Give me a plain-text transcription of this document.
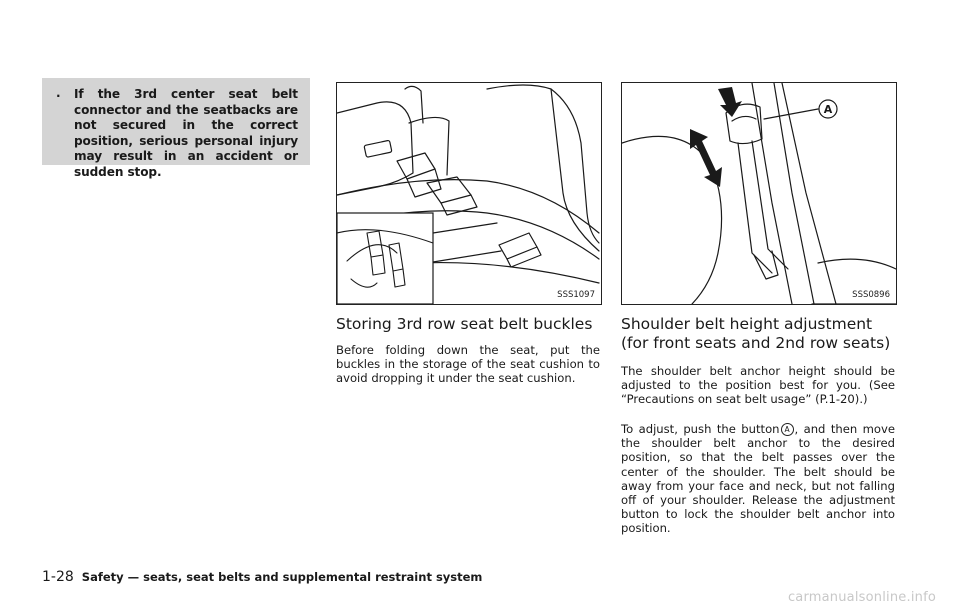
. If the 3rd center seat belt connector and the seatbacks are not secured in the correct position, serious personal injury may result in an accident or sudden stop.
SSS1097
A
SSS0896
Storing 3rd row seat belt buckles

Before folding down the seat, put the buckles in the storage of the seat cushion to avoid dropping it under the seat cushion.

Shoulder belt height adjustment (for front seats and 2nd row seats)

The shoulder belt anchor height should be adjusted to the position best for you. (See “Precautions on seat belt usage” (P.1-20).)

To adjust, push the button A , and then move the shoulder belt anchor to the desired position, so that the belt passes over the center of the shoulder. The belt should be away from your face and neck, but not falling off of your shoulder. Release the adjustment button to lock the shoulder belt anchor into position.

1-28 Safety — seats, seat belts and supplemental restraint system
carmanualsonline.info
